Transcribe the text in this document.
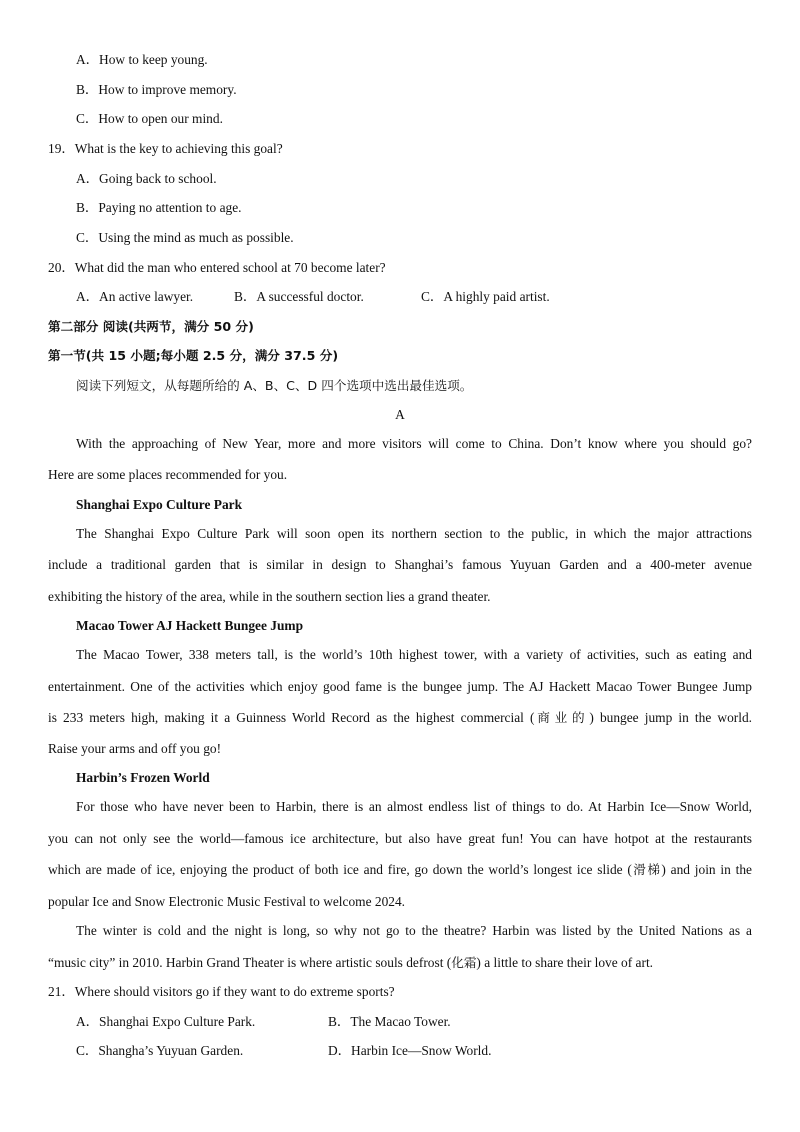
A．How to keep young.
B．How to improve memory.
C．How to open our mind.
19．What is the key to achieving this goal?
A．Going back to school.
B．Paying no attention to age.
C．Using the mind as much as possible.
20．What did the man who entered school at 70 become later?
A．An active lawyer.	B．A successful doctor.	C．A highly paid artist.
第二部分 阅读(共两节，满分 50 分)
第一节(共 15 小题;每小题 2.5 分，满分 37.5 分)
阅读下列短文，从每题所给的 A、B、C、D 四个选项中选出最佳选项。
A
With the approaching of New Year, more and more visitors will come to China. Don’t know where you should go?
Here are some places recommended for you.
Shanghai Expo Culture Park
The Shanghai Expo Culture Park will soon open its northern section to the public, in which the major attractions
include a traditional garden that is similar in design to Shanghai’s famous Yuyuan Garden and a 400-meter avenue
exhibiting the history of the area, while in the southern section lies a grand theater.
Macao Tower AJ Hackett Bungee Jump
The Macao Tower, 338 meters tall, is the world’s 10th highest tower, with a variety of activities, such as eating and
entertainment. One of the activities which enjoy good fame is the bungee jump. The AJ Hackett Macao Tower Bungee Jump
is 233 meters high, making it a Guinness World Record as the highest commercial (商业的) bungee jump in the world.
Raise your arms and off you go!
Harbin’s Frozen World
For those who have never been to Harbin, there is an almost endless list of things to do. At Harbin Ice—Snow World,
you can not only see the world—famous ice architecture, but also have great fun! You can have hotpot at the restaurants
which are made of ice, enjoying the product of both ice and fire, go down the world’s longest ice slide (滑梯) and join in the
popular Ice and Snow Electronic Music Festival to welcome 2024.
The winter is cold and the night is long, so why not go to the theatre? Harbin was listed by the United Nations as a
“music city” in 2010. Harbin Grand Theater is where artistic souls defrost (化霜) a little to share their love of art.
21．Where should visitors go if they want to do extreme sports?
A．Shanghai Expo Culture Park.	B．The Macao Tower.
C．Shangha’s Yuyuan Garden.	D．Harbin Ice—Snow World.
